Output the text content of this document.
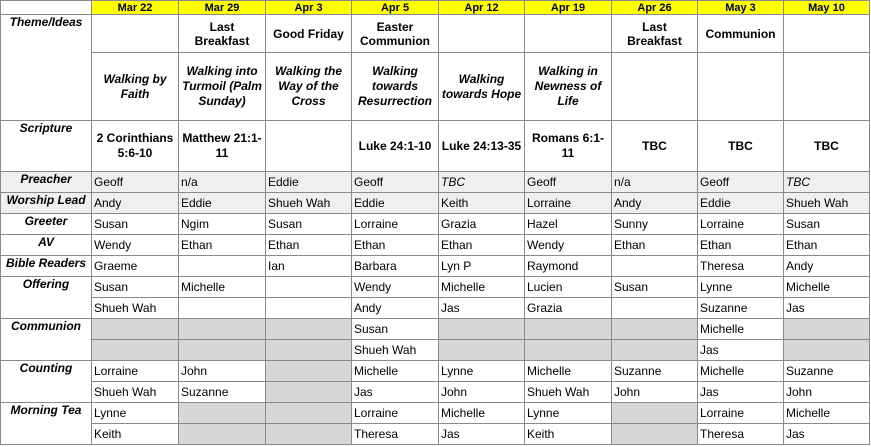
	Mar 22	Mar 29	Apr 3	Apr 5	Apr 12	Apr 19	Apr 26	May 3	May 10
Theme/Ideas		Last Breakfast	Good Friday	Easter Communion			Last Breakfast	Communion	
	Walking by Faith	Walking into Turmoil (Palm Sunday)	Walking the Way of the Cross	Walking towards Resurrection	Walking towards Hope	Walking in Newness of Life			
Scripture	2 Corinthians 5:6-10	Matthew 21:1-11		Luke 24:1-10	Luke 24:13-35	Romans 6:1-11	TBC	TBC	TBC
Preacher	Geoff	n/a	Eddie	Geoff	TBC	Geoff	n/a	Geoff	TBC
Worship Lead	Andy	Eddie	Shueh Wah	Eddie	Keith	Lorraine	Andy	Eddie	Shueh Wah
Greeter	Susan	Ngim	Susan	Lorraine	Grazia	Hazel	Sunny	Lorraine	Susan
AV	Wendy	Ethan	Ethan	Ethan	Ethan	Wendy	Ethan	Ethan	Ethan
Bible Readers	Graeme		Ian	Barbara	Lyn P	Raymond		Theresa	Andy
Offering	Susan	Michelle		Wendy	Michelle	Lucien	Susan	Lynne	Michelle
	Shueh Wah			Andy	Jas	Grazia		Suzanne	Jas
Communion				Susan				Michelle	
				Shueh Wah				Jas	
Counting	Lorraine	John		Michelle	Lynne	Michelle	Suzanne	Michelle	Suzanne
	Shueh Wah	Suzanne		Jas	John	Shueh Wah	John	Jas	John
Morning Tea	Lynne			Lorraine	Michelle	Lynne		Lorraine	Michelle
	Keith			Theresa	Jas	Keith		Theresa	Jas
